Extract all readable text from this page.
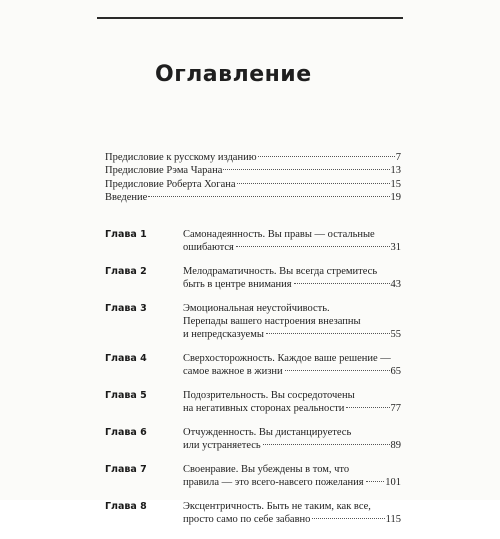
Оглавление
Предисловие к русскому изданию	7
Предисловие Рэма Чарана	13
Предисловие Роберта Хогана	15
Введение	19
Глава 1	Самонадеянность. Вы правы — остальные
ошибаются	31
Глава 2	Мелодраматичность. Вы всегда стремитесь
быть в центре внимания	43
Глава 3	Эмоциональная неустойчивость.
Перепады вашего настроения внезапны
и непредсказуемы	55
Глава 4	Сверхосторожность. Каждое ваше решение —
самое важное в жизни	65
Глава 5	Подозрительность. Вы сосредоточены
на негативных сторонах реальности	77
Глава 6	Отчужденность. Вы дистанцируетесь
или устраняетесь	89
Глава 7	Своенравие. Вы убеждены в том, что
правила — это всего-навсего пожелания 101
Глава 8	Эксцентричность. Быть не таким, как все,
просто само по себе забавно	115
